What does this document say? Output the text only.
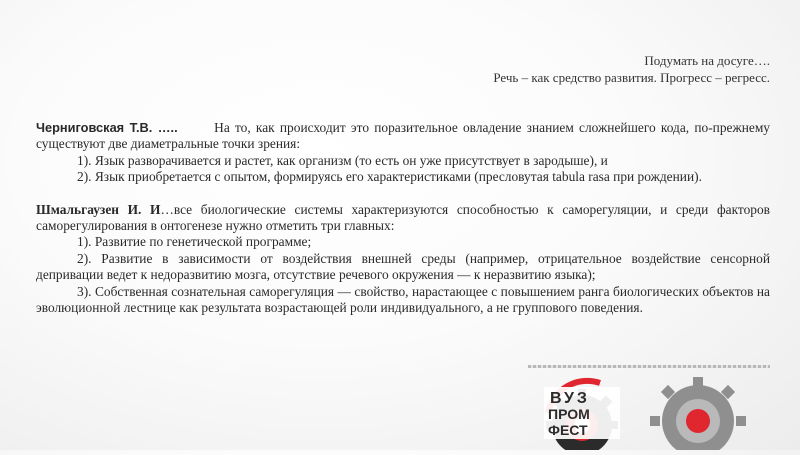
Подумать на досуге….
Речь – как средство развития. Прогресс – регресс.

Черниговская Т.В. …..	На то, как происходит это поразительное овладение знанием сложнейшего кода, по-прежнему существуют две диаметральные точки зрения:

1). Язык разворачивается и растет, как организм (то есть он уже присутствует в зародыше), и

2). Язык приобретается с опытом, формируясь его характеристиками (пресловутая tabula rasa при рождении).

Шмальгаузен И. И…все биологические системы характеризуются способностью к саморегуляции, и среди факторов саморегулирования в онтогенезе нужно отметить три главных:

1). Развитие по генетической программе;

2). Развитие в зависимости от воздействия внешней среды (например, отрицательное воздействие сенсорной депривации ведет к недоразвитию мозга, отсутствие речевого окружения — к неразвитию языка);

3). Собственная сознательная саморегуляция — свойство, нарастающее с повышением ранга биологических объектов на эволюционной лестнице как результата возрастающей роли индивидуального, а не группового поведения.

ВУЗ
ПРОМ
ФЕСТ
